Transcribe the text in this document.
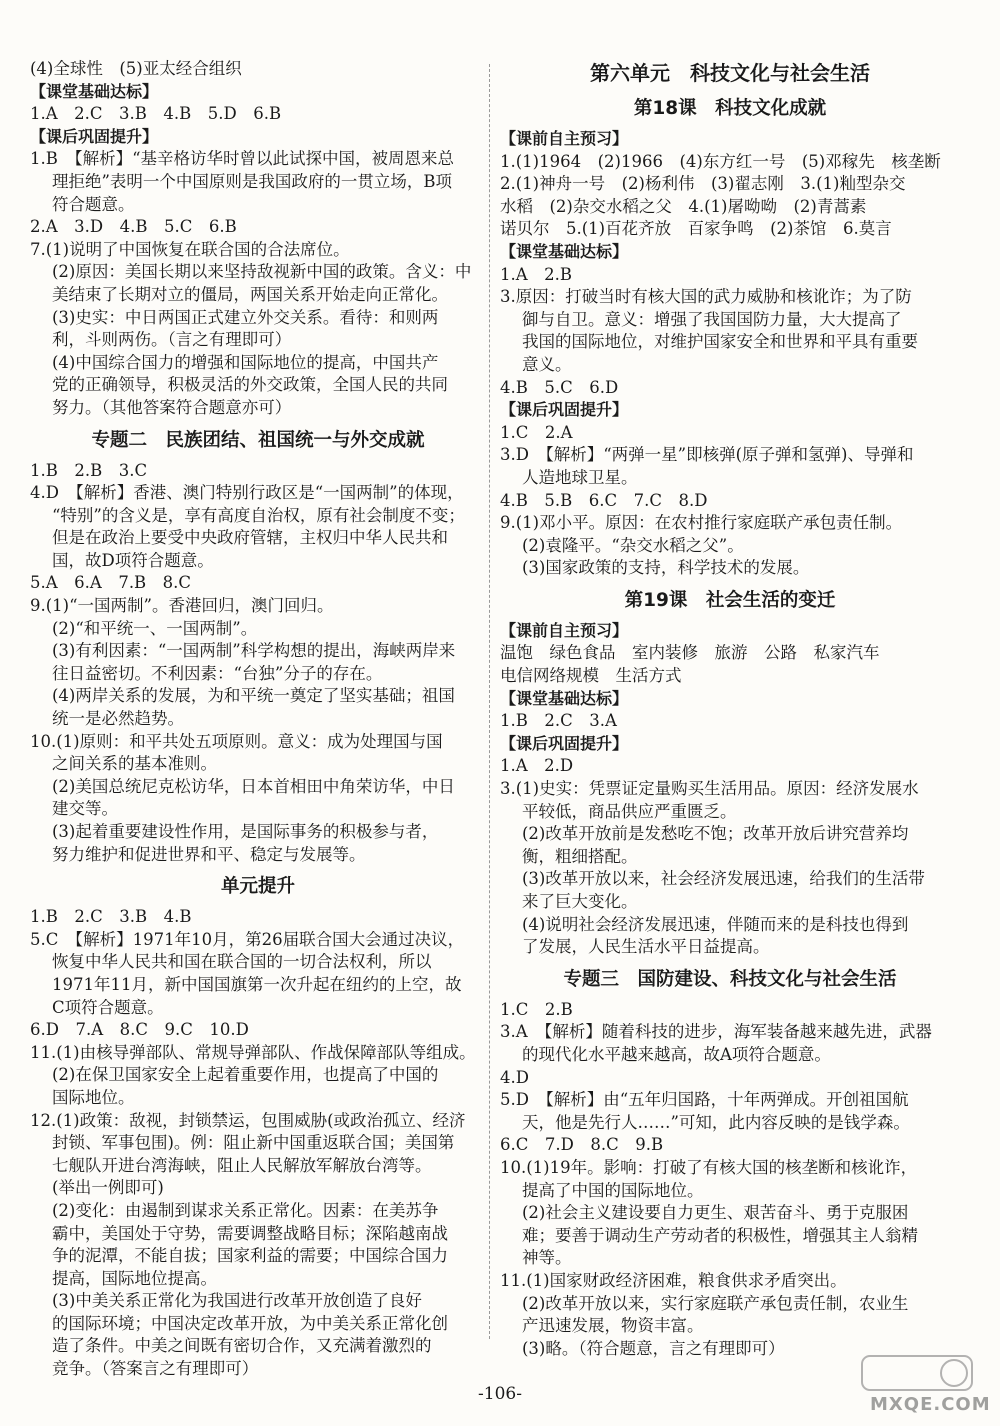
(4)全球性　(5)亚太经合组织
【课堂基础达标】
1.A　2.C　3.B　4.B　5.D　6.B
【课后巩固提升】
1.B　【解析】“基辛格访华时曾以此试探中国，被周恩来总
理拒绝”表明一个中国原则是我国政府的一贯立场，B项
符合题意。
2.A　3.D　4.B　5.C　6.B
7.(1)说明了中国恢复在联合国的合法席位。
(2)原因：美国长期以来坚持敌视新中国的政策。含义：中
美结束了长期对立的僵局，两国关系开始走向正常化。
(3)史实：中日两国正式建立外交关系。看待：和则两
利，斗则两伤。（言之有理即可）
(4)中国综合国力的增强和国际地位的提高，中国共产
党的正确领导，积极灵活的外交政策，全国人民的共同
努力。（其他答案符合题意亦可）
专题二　民族团结、祖国统一与外交成就
1.B　2.B　3.C
4.D　【解析】香港、澳门特别行政区是“一国两制”的体现，
“特别”的含义是，享有高度自治权，原有社会制度不变；
但是在政治上要受中央政府管辖，主权归中华人民共和
国，故D项符合题意。
5.A　6.A　7.B　8.C
9.(1)“一国两制”。香港回归，澳门回归。
(2)“和平统一、一国两制”。
(3)有利因素：“一国两制”科学构想的提出，海峡两岸来
往日益密切。不利因素：“台独”分子的存在。
(4)两岸关系的发展，为和平统一奠定了坚实基础；祖国
统一是必然趋势。
10.(1)原则：和平共处五项原则。意义：成为处理国与国
之间关系的基本准则。
(2)美国总统尼克松访华，日本首相田中角荣访华，中日
建交等。
(3)起着重要建设性作用，是国际事务的积极参与者，
努力维护和促进世界和平、稳定与发展等。
单元提升
1.B　2.C　3.B　4.B
5.C　【解析】1971年10月，第26届联合国大会通过决议，
恢复中华人民共和国在联合国的一切合法权利，所以
1971年11月，新中国国旗第一次升起在纽约的上空，故
C项符合题意。
6.D　7.A　8.C　9.C　10.D
11.(1)由核导弹部队、常规导弹部队、作战保障部队等组成。
(2)在保卫国家安全上起着重要作用，也提高了中国的
国际地位。
12.(1)政策：敌视，封锁禁运，包围威胁(或政治孤立、经济
封锁、军事包围)。例：阻止新中国重返联合国；美国第
七舰队开进台湾海峡，阻止人民解放军解放台湾等。
(举出一例即可)
(2)变化：由遏制到谋求关系正常化。因素：在美苏争
霸中，美国处于守势，需要调整战略目标；深陷越南战
争的泥潭，不能自拔；国家利益的需要；中国综合国力
提高，国际地位提高。
(3)中美关系正常化为我国进行改革开放创造了良好
的国际环境；中国决定改革开放，为中美关系正常化创
造了条件。中美之间既有密切合作，又充满着激烈的
竞争。（答案言之有理即可）
第六单元　科技文化与社会生活
第18课　科技文化成就
【课前自主预习】
1.(1)1964　(2)1966　(4)东方红一号　(5)邓稼先　核垄断
2.(1)神舟一号　(2)杨利伟　(3)翟志刚　3.(1)籼型杂交
水稻　(2)杂交水稻之父　4.(1)屠呦呦　(2)青蒿素
诺贝尔　5.(1)百花齐放　百家争鸣　(2)茶馆　6.莫言
【课堂基础达标】
1.A　2.B
3.原因：打破当时有核大国的武力威胁和核讹诈；为了防
御与自卫。意义：增强了我国国防力量，大大提高了
我国的国际地位，对维护国家安全和世界和平具有重要
意义。
4.B　5.C　6.D
【课后巩固提升】
1.C　2.A
3.D　【解析】“两弹一星”即核弹(原子弹和氢弹)、导弹和
人造地球卫星。
4.B　5.B　6.C　7.C　8.D
9.(1)邓小平。原因：在农村推行家庭联产承包责任制。
(2)袁隆平。“杂交水稻之父”。
(3)国家政策的支持，科学技术的发展。
第19课　社会生活的变迁
【课前自主预习】
温饱　绿色食品　室内装修　旅游　公路　私家汽车
电信网络规模　生活方式
【课堂基础达标】
1.B　2.C　3.A
【课后巩固提升】
1.A　2.D
3.(1)史实：凭票证定量购买生活用品。原因：经济发展水
平较低，商品供应严重匮乏。
(2)改革开放前是发愁吃不饱；改革开放后讲究营养均
衡，粗细搭配。
(3)改革开放以来，社会经济发展迅速，给我们的生活带
来了巨大变化。
(4)说明社会经济发展迅速，伴随而来的是科技也得到
了发展，人民生活水平日益提高。
专题三　国防建设、科技文化与社会生活
1.C　2.B
3.A　【解析】随着科技的进步，海军装备越来越先进，武器
的现代化水平越来越高，故A项符合题意。
4.D
5.D　【解析】由“五年归国路，十年两弹成。开创祖国航
天，他是先行人……”可知，此内容反映的是钱学森。
6.C　7.D　8.C　9.B
10.(1)19年。影响：打破了有核大国的核垄断和核讹诈，
提高了中国的国际地位。
(2)社会主义建设要自力更生、艰苦奋斗、勇于克服困
难；要善于调动生产劳动者的积极性，增强其主人翁精
神等。
11.(1)国家财政经济困难，粮食供求矛盾突出。
(2)改革开放以来，实行家庭联产承包责任制，农业生
产迅速发展，物资丰富。
(3)略。（符合题意，言之有理即可）
-106-	MXQE.COM
